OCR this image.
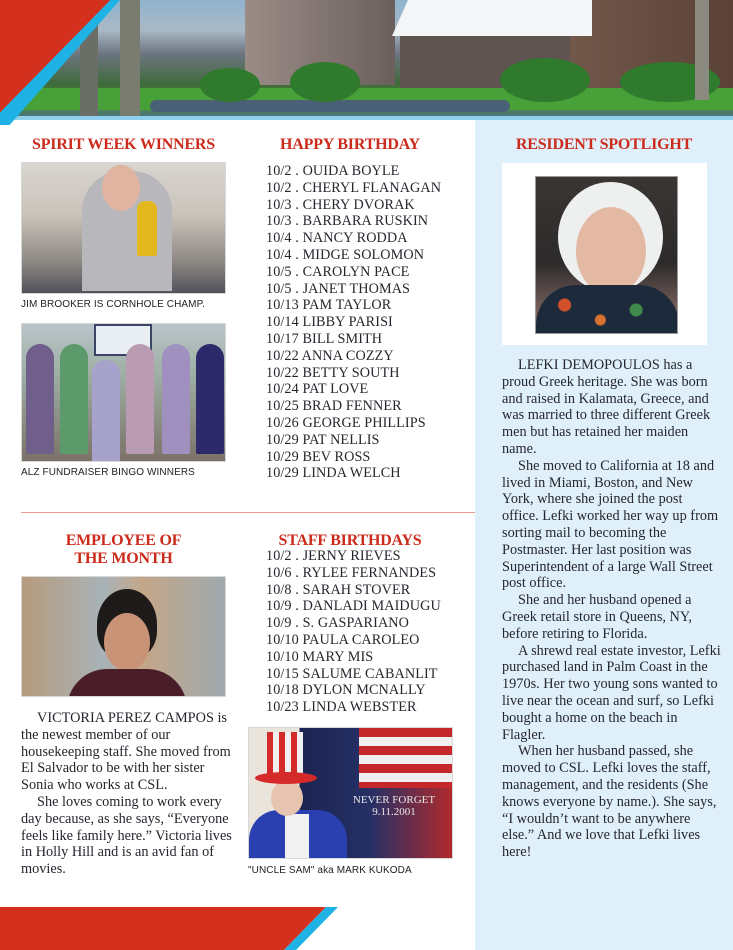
SPIRIT WEEK WINNERS
JIM BROOKER IS CORNHOLE CHAMP.
ALZ FUNDRAISER BINGO WINNERS
HAPPY BIRTHDAY
10/2 . OUIDA BOYLE
10/2 . CHERYL FLANAGAN
10/3 . CHERY DVORAK
10/3 . BARBARA RUSKIN
10/4 . NANCY RODDA
10/4 . MIDGE SOLOMON
10/5 . CAROLYN PACE
10/5 . JANET THOMAS
10/13 PAM TAYLOR
10/14 LIBBY PARISI
10/17 BILL SMITH
10/22 ANNA COZZY
10/22 BETTY SOUTH
10/24 PAT LOVE
10/25 BRAD FENNER
10/26 GEORGE PHILLIPS
10/29 PAT NELLIS
10/29 BEV ROSS
10/29 LINDA WELCH
EMPLOYEE OF
THE MONTH

VICTORIA PEREZ CAMPOS is the newest member of our housekeeping staff. She moved from El Salvador to be with her sister Sonia who works at CSL.

She loves coming to work every day because, as she says, “Everyone feels like family here.” Victoria lives in Holly Hill and is an avid fan of movies.

STAFF BIRTHDAYS
10/2 . JERNY RIEVES
10/6 . RYLEE FERNANDES
10/8 . SARAH STOVER
10/9 . DANLADI MAIDUGU
10/9 . S. GASPARIANO
10/10 PAULA CAROLEO
10/10 MARY MIS
10/15 SALUME CABANLIT
10/18 DYLON MCNALLY
10/23 LINDA WEBSTER
NEVER FORGET
9.11.2001
"UNCLE SAM" aka MARK KUKODA
RESIDENT SPOTLIGHT

LEFKI DEMOPOULOS has a proud Greek heritage. She was born and raised in Kalamata, Greece, and was married to three different Greek men but has retained her maiden name.

She moved to California at 18 and lived in Miami, Boston, and New York, where she joined the post office. Lefki worked her way up from sorting mail to becoming the Postmaster. Her last position was Superintendent of a large Wall Street post office.

She and her husband opened a Greek retail store in Queens, NY, before retiring to Florida.

A shrewd real estate investor, Lefki purchased land in Palm Coast in the 1970s. Her two young sons wanted to live near the ocean and surf, so Lefki bought a home on the beach in Flagler.

When her husband passed, she moved to CSL. Lefki loves the staff, management, and the residents (She knows everyone by name.). She says, “I wouldn’t want to be anywhere else.” And we love that Lefki lives here!
